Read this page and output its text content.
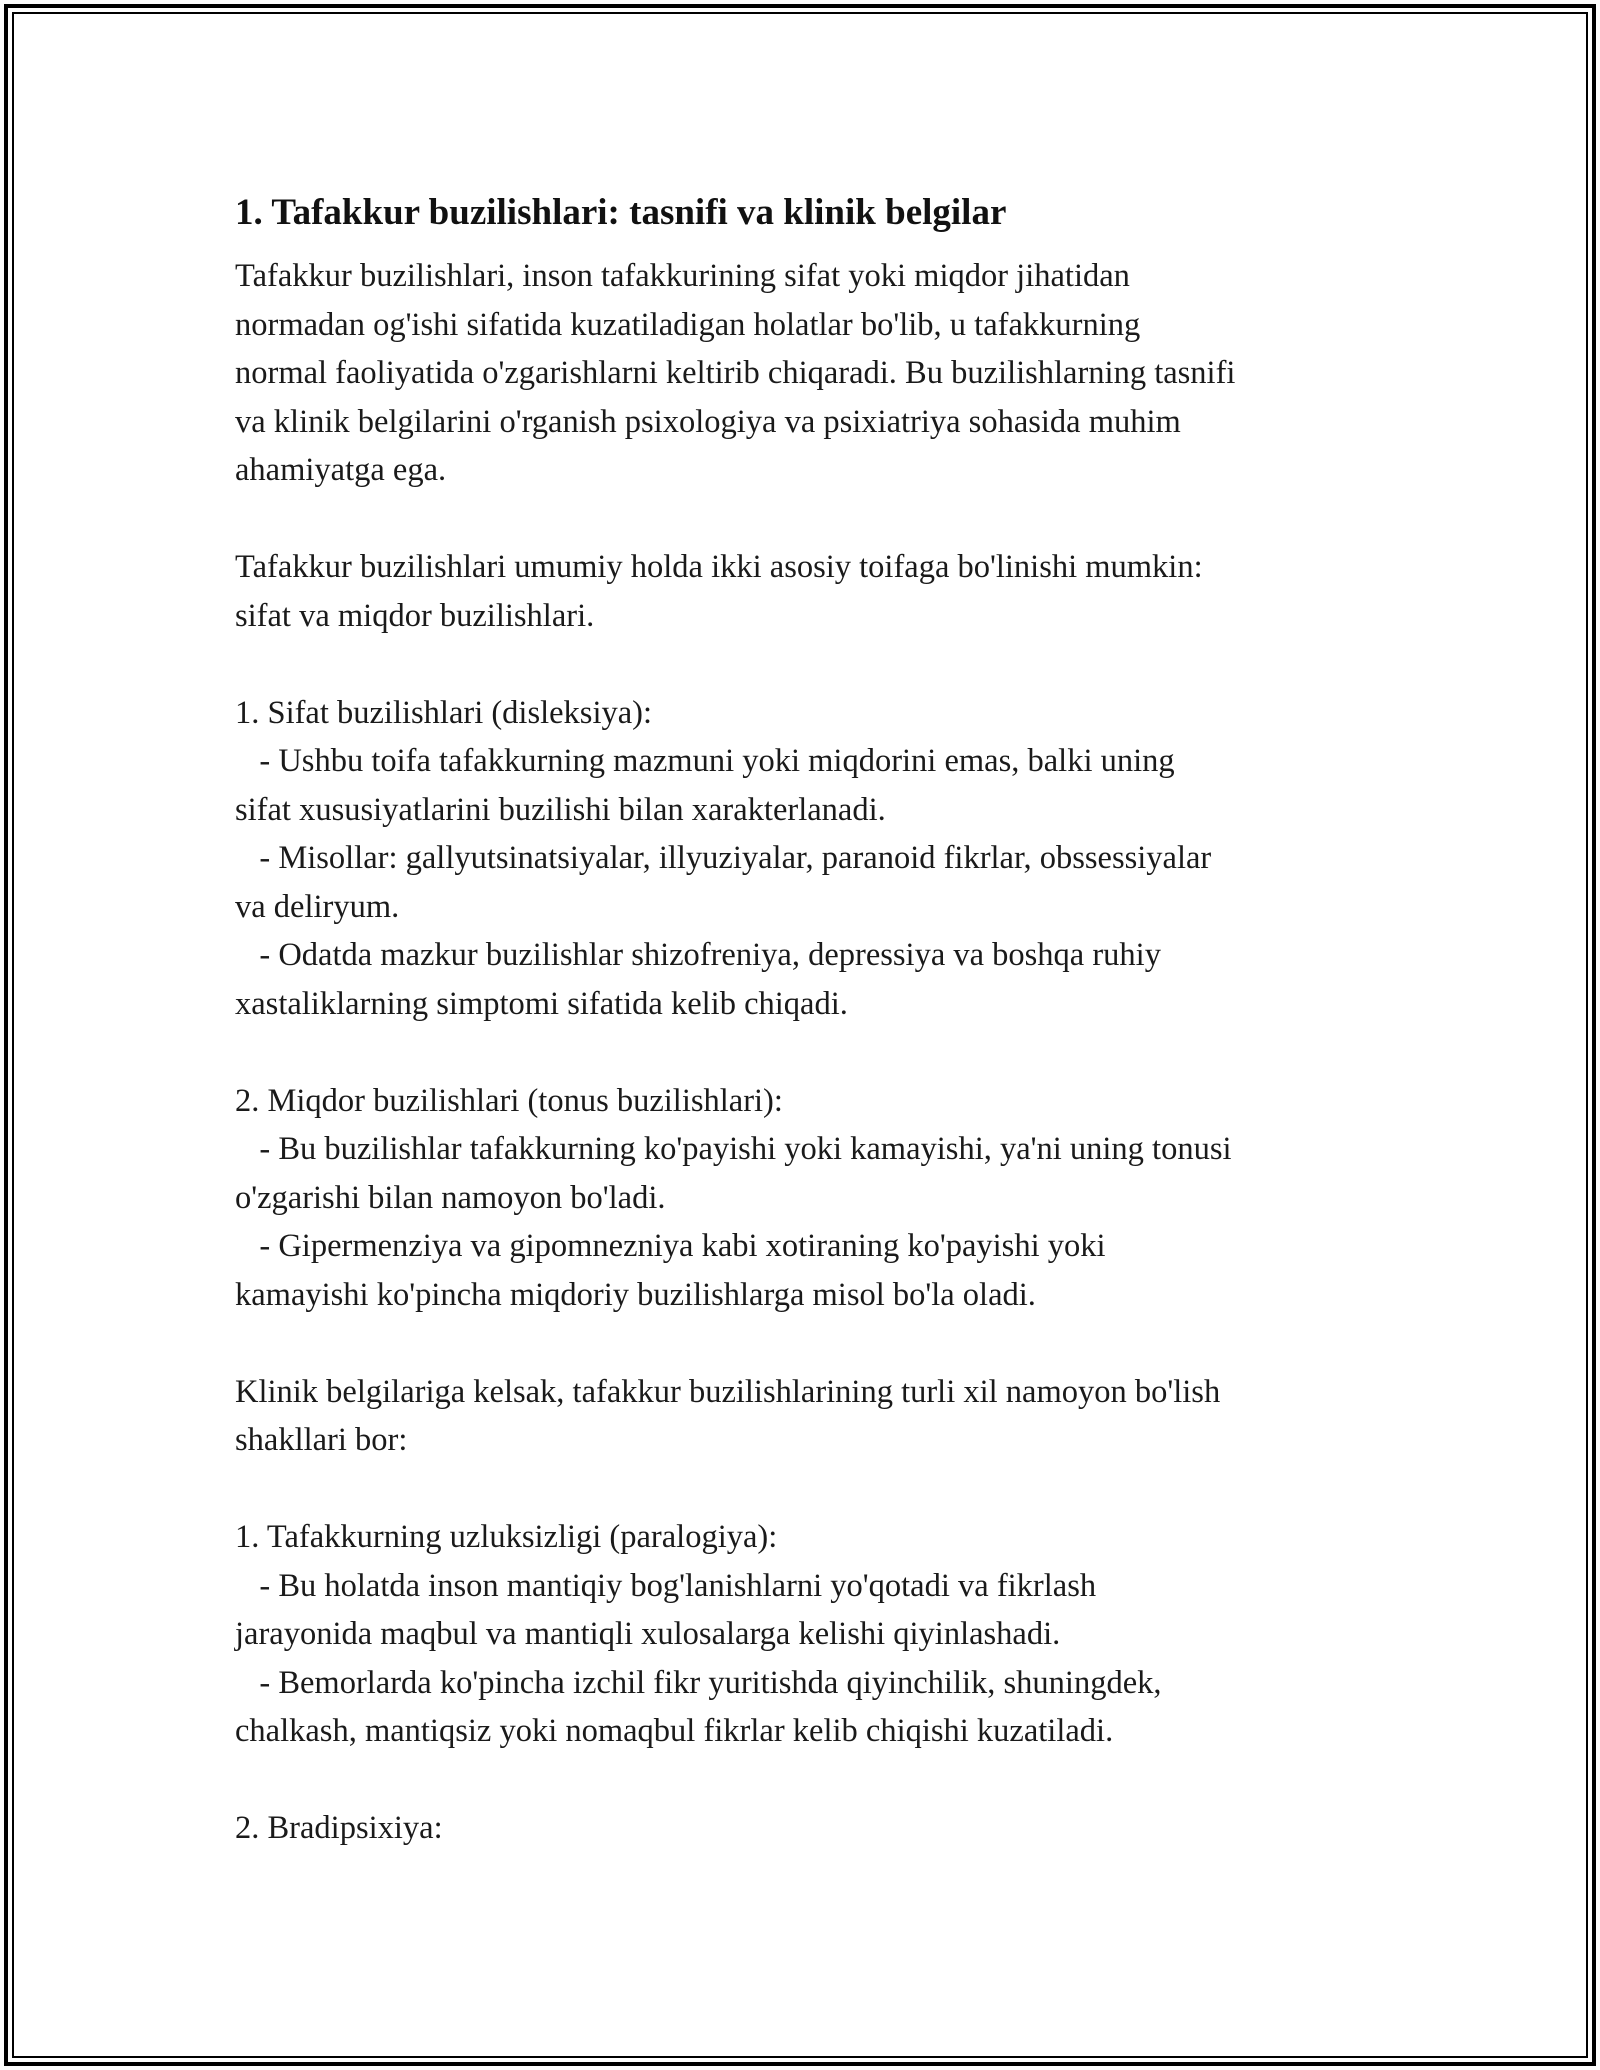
1. Tafakkur buzilishlari: tasnifi va klinik belgilar

Tafakkur buzilishlari, inson tafakkurining sifat yoki miqdor jihatidan
normadan og'ishi sifatida kuzatiladigan holatlar bo'lib, u tafakkurning
normal faoliyatida o'zgarishlarni keltirib chiqaradi. Bu buzilishlarning tasnifi
va klinik belgilarini o'rganish psixologiya va psixiatriya sohasida muhim
ahamiyatga ega.

Tafakkur buzilishlari umumiy holda ikki asosiy toifaga bo'linishi mumkin:
sifat va miqdor buzilishlari.

1. Sifat buzilishlari (disleksiya):
- Ushbu toifa tafakkurning mazmuni yoki miqdorini emas, balki uning
sifat xususiyatlarini buzilishi bilan xarakterlanadi.
- Misollar: gallyutsinatsiyalar, illyuziyalar, paranoid fikrlar, obssessiyalar
va deliryum.
- Odatda mazkur buzilishlar shizofreniya, depressiya va boshqa ruhiy
xastaliklarning simptomi sifatida kelib chiqadi.

2. Miqdor buzilishlari (tonus buzilishlari):
- Bu buzilishlar tafakkurning ko'payishi yoki kamayishi, ya'ni uning tonusi
o'zgarishi bilan namoyon bo'ladi.
- Gipermenziya va gipomnezniya kabi xotiraning ko'payishi yoki
kamayishi ko'pincha miqdoriy buzilishlarga misol bo'la oladi.

Klinik belgilariga kelsak, tafakkur buzilishlarining turli xil namoyon bo'lish
shakllari bor:

1. Tafakkurning uzluksizligi (paralogiya):
- Bu holatda inson mantiqiy bog'lanishlarni yo'qotadi va fikrlash
jarayonida maqbul va mantiqli xulosalarga kelishi qiyinlashadi.
- Bemorlarda ko'pincha izchil fikr yuritishda qiyinchilik, shuningdek,
chalkash, mantiqsiz yoki nomaqbul fikrlar kelib chiqishi kuzatiladi.

2. Bradipsixiya:
